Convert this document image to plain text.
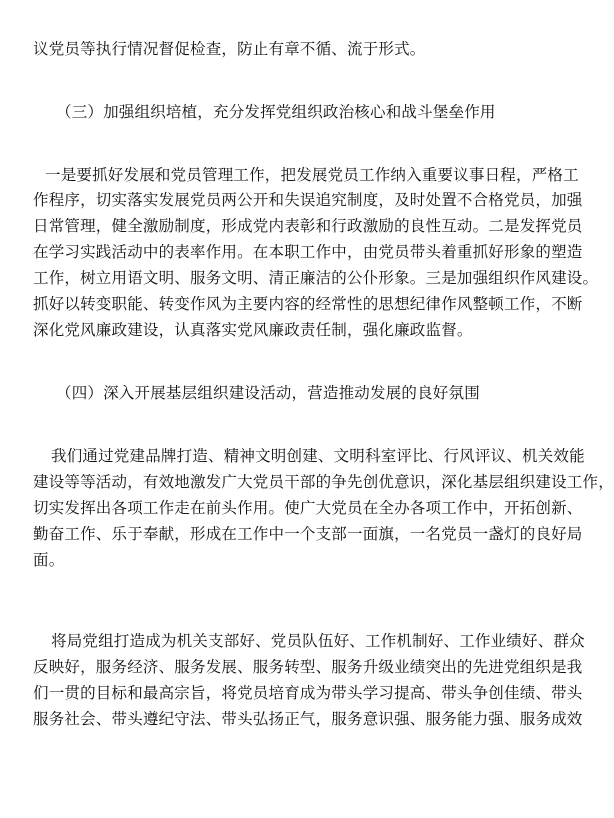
议党员等执行情况督促检查，防止有章不循、流于形式。
（三）加强组织培植，充分发挥党组织政治核心和战斗堡垒作用
一是要抓好发展和党员管理工作，把发展党员工作纳入重要议事日程，严格工
作程序，切实落实发展党员两公开和失误追究制度，及时处置不合格党员，加强
日常管理，健全激励制度，形成党内表彰和行政激励的良性互动。二是发挥党员
在学习实践活动中的表率作用。在本职工作中，由党员带头着重抓好形象的塑造
工作，树立用语文明、服务文明、清正廉洁的公仆形象。三是加强组织作风建设。
抓好以转变职能、转变作风为主要内容的经常性的思想纪律作风整顿工作，不断
深化党风廉政建设，认真落实党风廉政责任制，强化廉政监督。
（四）深入开展基层组织建设活动，营造推动发展的良好氛围
我们通过党建品牌打造、精神文明创建、文明科室评比、行风评议、机关效能
建设等等活动，有效地激发广大党员干部的争先创优意识，深化基层组织建设工作，
切实发挥出各项工作走在前头作用。使广大党员在全办各项工作中，开拓创新、
勤奋工作、乐于奉献，形成在工作中一个支部一面旗，一名党员一盏灯的良好局
面。
将局党组打造成为机关支部好、党员队伍好、工作机制好、工作业绩好、群众
反映好，服务经济、服务发展、服务转型、服务升级业绩突出的先进党组织是我
们一贯的目标和最高宗旨，将党员培育成为带头学习提高、带头争创佳绩、带头
服务社会、带头遵纪守法、带头弘扬正气，服务意识强、服务能力强、服务成效
